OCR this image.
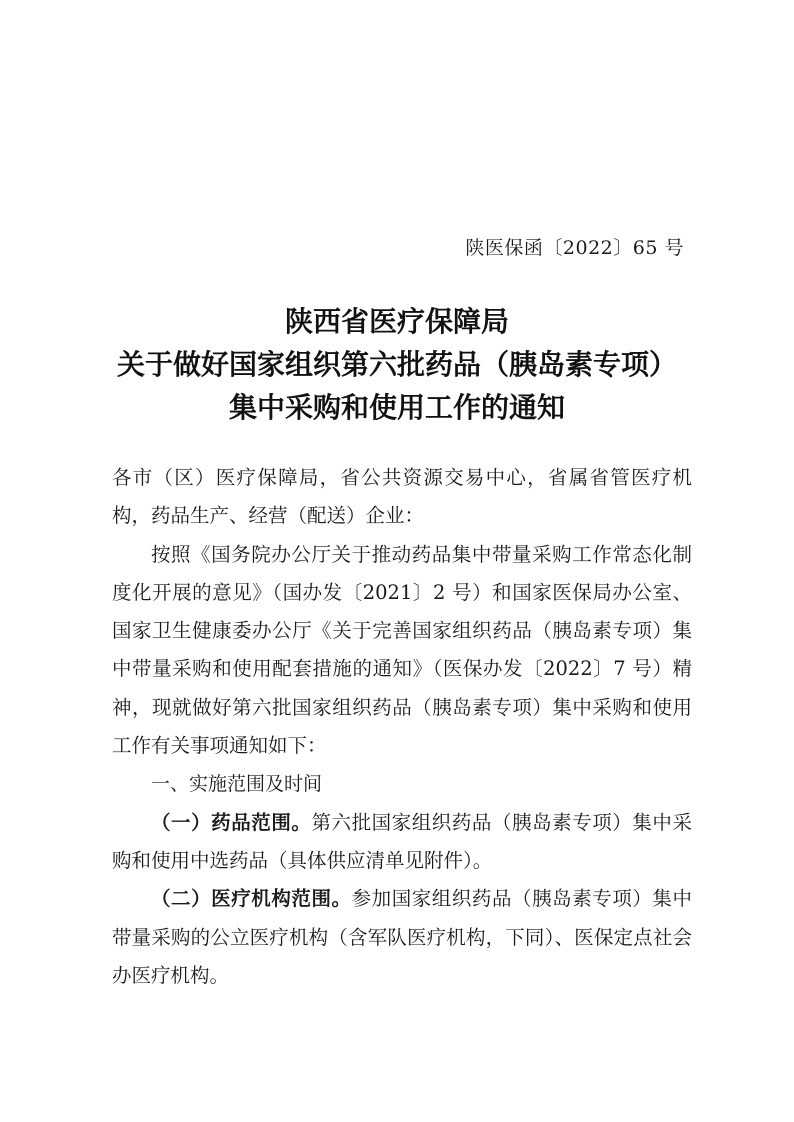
陕医保函〔2022〕65 号
陕西省医疗保障局
关于做好国家组织第六批药品（胰岛素专项）
集中采购和使用工作的通知

各市（区）医疗保障局，省公共资源交易中心，省属省管医疗机构，药品生产、经营（配送）企业：

按照《国务院办公厅关于推动药品集中带量采购工作常态化制度化开展的意见》（国办发〔2021〕2 号）和国家医保局办公室、国家卫生健康委办公厅《关于完善国家组织药品（胰岛素专项）集中带量采购和使用配套措施的通知》（医保办发〔2022〕7 号）精神，现就做好第六批国家组织药品（胰岛素专项）集中采购和使用工作有关事项通知如下：

一、实施范围及时间

（一）药品范围。第六批国家组织药品（胰岛素专项）集中采购和使用中选药品（具体供应清单见附件）。

（二）医疗机构范围。参加国家组织药品（胰岛素专项）集中带量采购的公立医疗机构（含军队医疗机构，下同）、医保定点社会办医疗机构。
